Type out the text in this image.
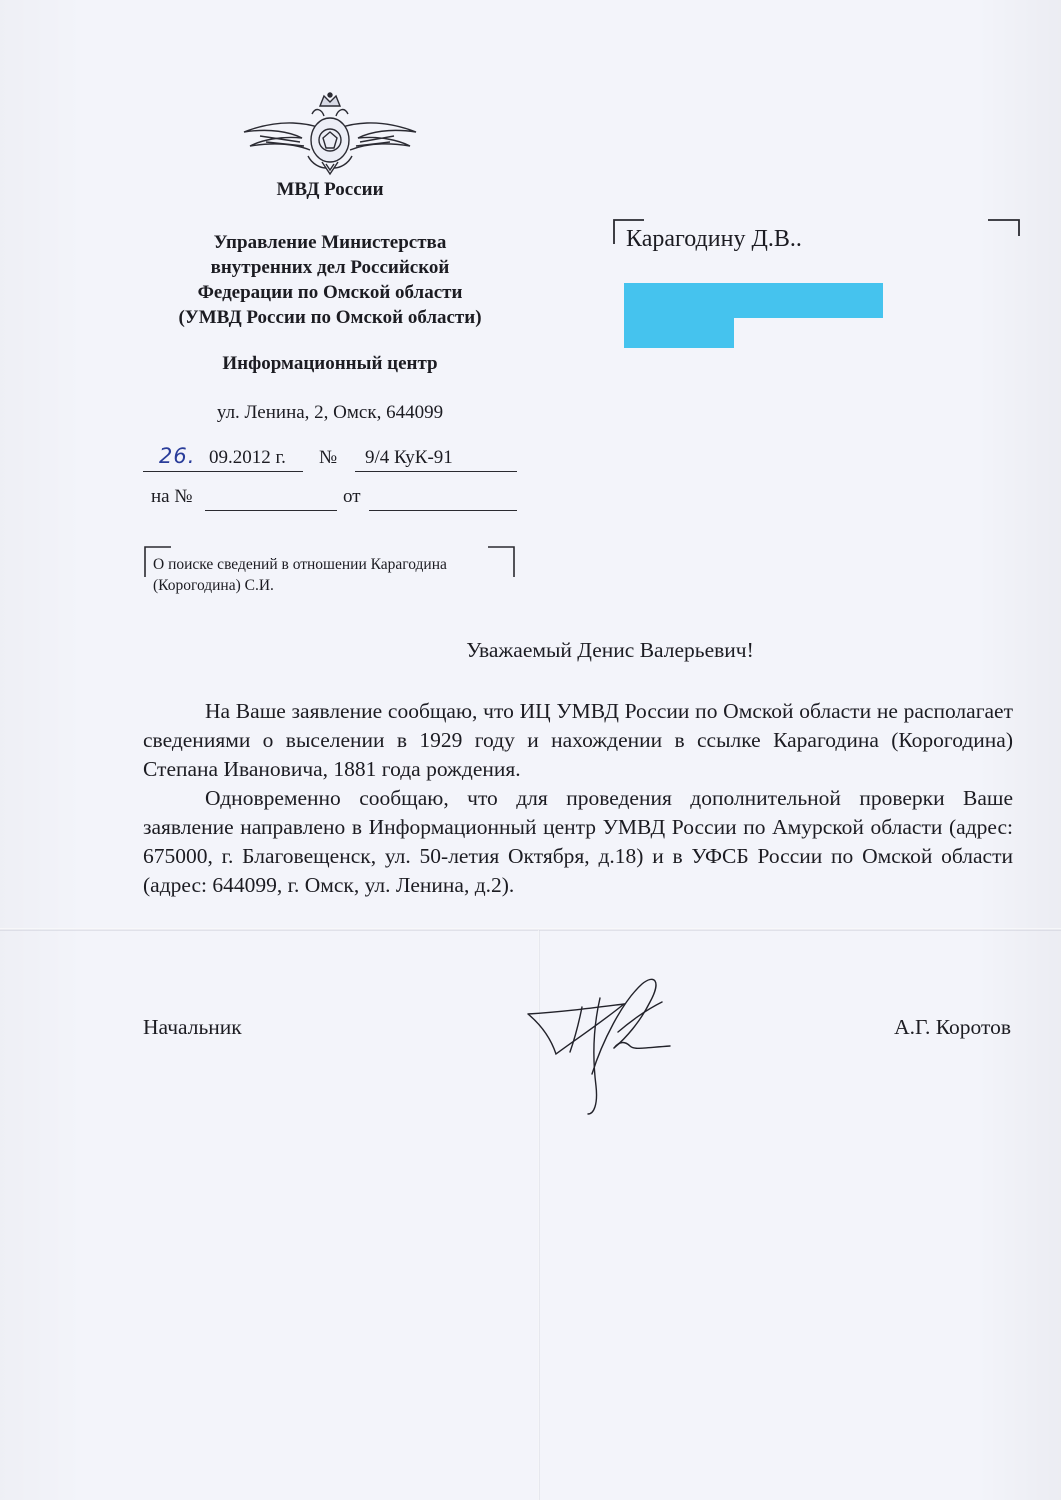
МВД России
Управление Министерства
внутренних дел Российской
Федерации по Омской области
(УМВД России по Омской области)
Информационный центр
ул. Ленина, 2, Омск, 644099
26. 09.2012 г. № 9/4 КуК-91
на №	от
О поиске сведений в отношении Карагодина
(Корогодина) С.И.
Карагодину Д.В..
Уважаемый Денис Валерьевич!

На Ваше заявление сообщаю, что ИЦ УМВД России по Омской области не располагает сведениями о выселении в 1929 году и нахождении в ссылке Карагодина (Корогодина) Степана Ивановича, 1881 года рождения.

Одновременно сообщаю, что для проведения дополнительной проверки Ваше заявление направлено в Информационный центр УМВД России по Амурской области (адрес: 675000, г. Благовещенск, ул. 50-летия Октября, д.18) и в УФСБ России по Омской области (адрес: 644099, г. Омск, ул. Ленина, д.2).

Начальник	А.Г. Коротов
